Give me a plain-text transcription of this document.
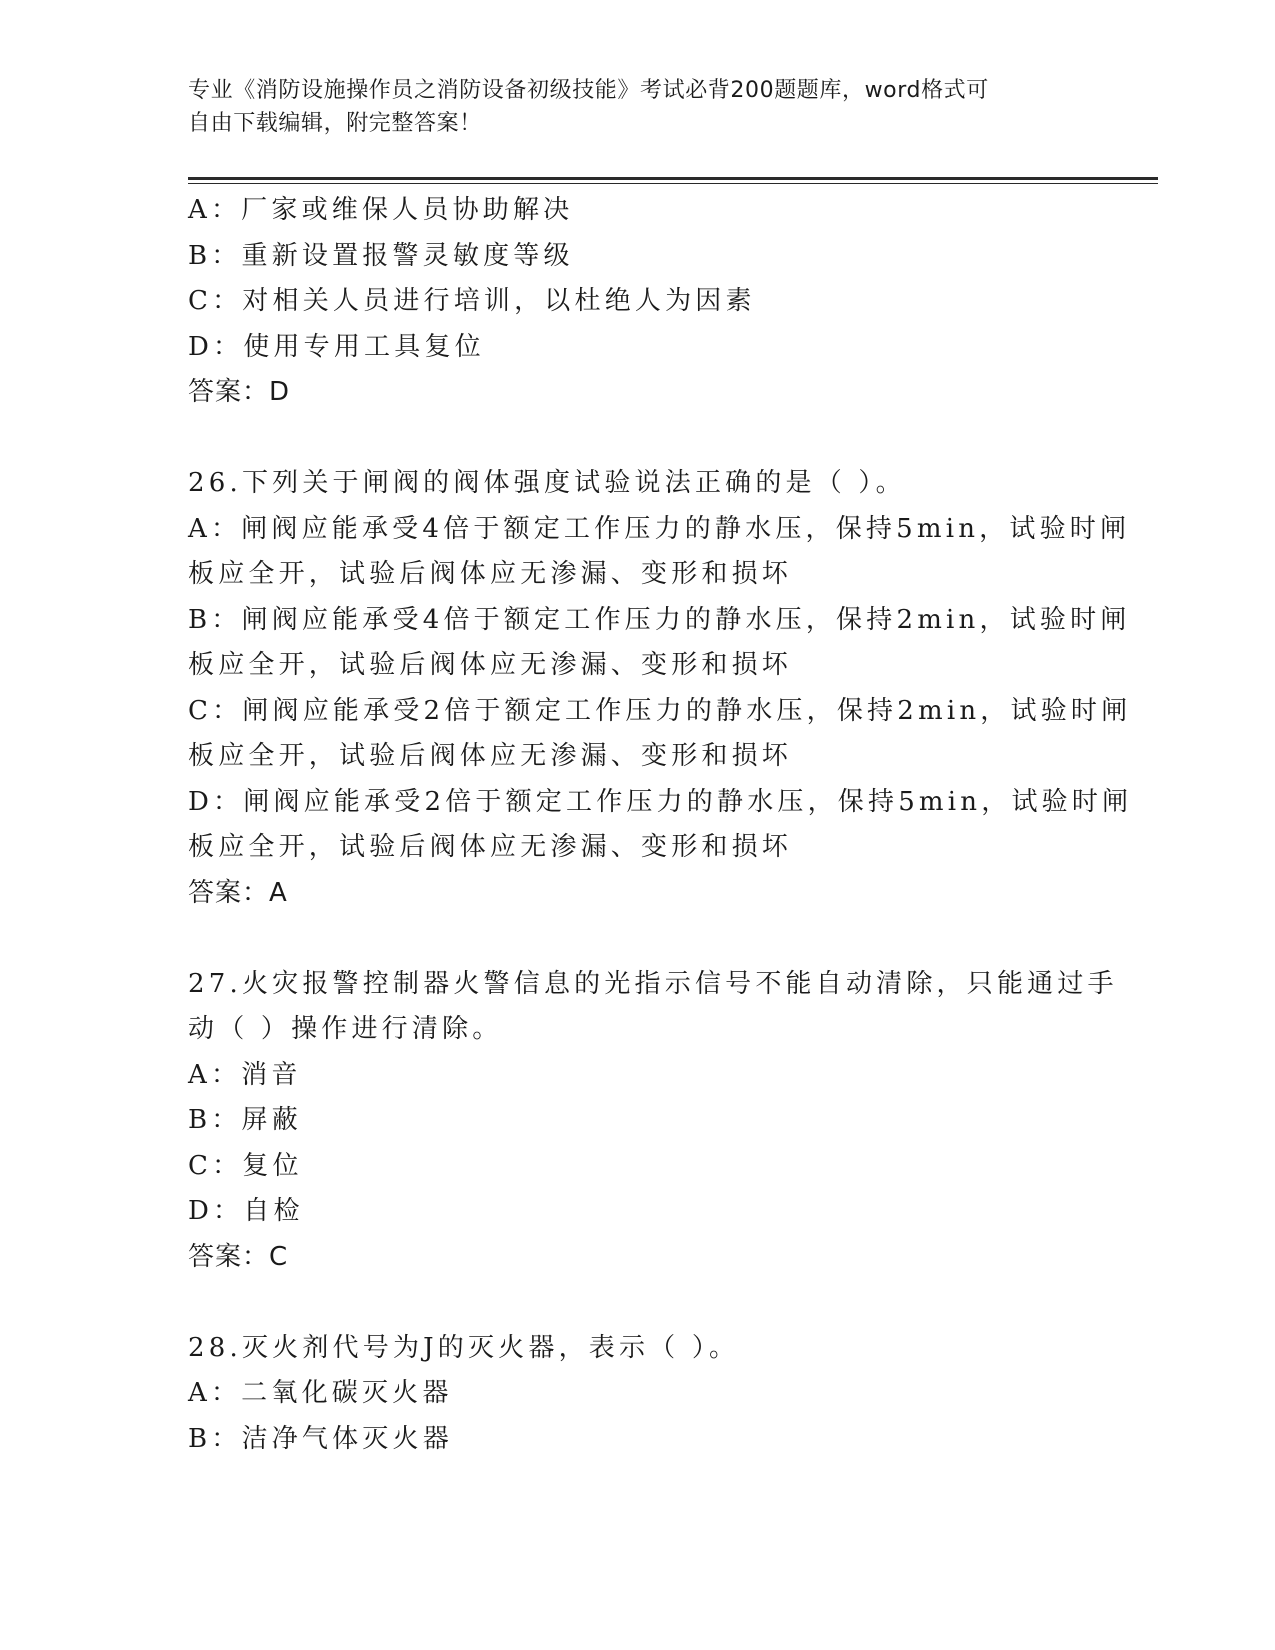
专业《消防设施操作员之消防设备初级技能》考试必背200题题库，word格式可
自由下载编辑，附完整答案！
A：厂家或维保人员协助解决
B：重新设置报警灵敏度等级
C：对相关人员进行培训，以杜绝人为因素
D：使用专用工具复位
答案：D
26.下列关于闸阀的阀体强度试验说法正确的是（ ）。
A：闸阀应能承受4倍于额定工作压力的静水压，保持5min，试验时闸
板应全开，试验后阀体应无渗漏、变形和损坏
B：闸阀应能承受4倍于额定工作压力的静水压，保持2min，试验时闸
板应全开，试验后阀体应无渗漏、变形和损坏
C：闸阀应能承受2倍于额定工作压力的静水压，保持2min，试验时闸
板应全开，试验后阀体应无渗漏、变形和损坏
D：闸阀应能承受2倍于额定工作压力的静水压，保持5min，试验时闸
板应全开，试验后阀体应无渗漏、变形和损坏
答案：A
27.火灾报警控制器火警信息的光指示信号不能自动清除，只能通过手
动（ ）操作进行清除。
A：消音
B：屏蔽
C：复位
D：自检
答案：C
28.灭火剂代号为J的灭火器，表示（ ）。
A：二氧化碳灭火器
B：洁净气体灭火器
